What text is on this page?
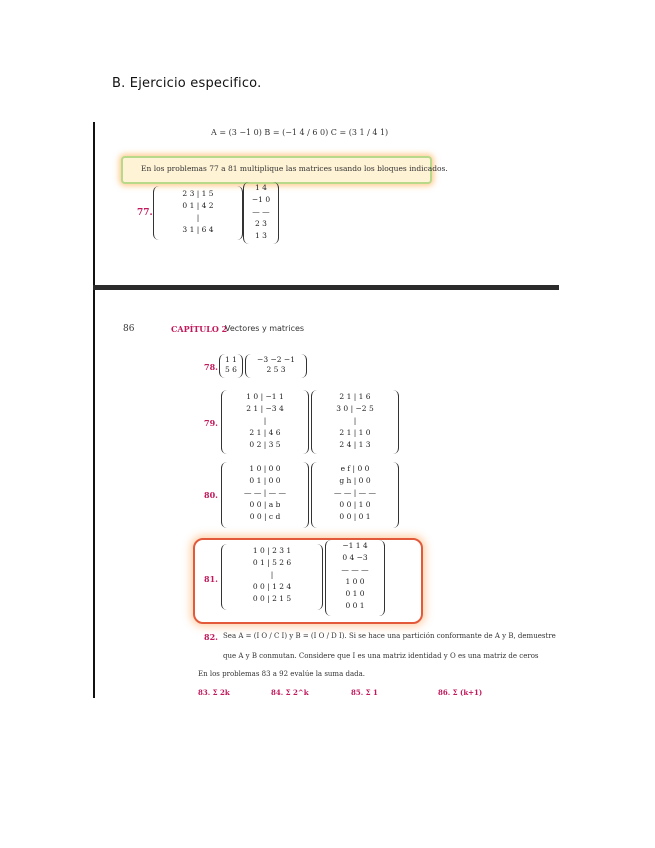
B. Ejercicio especifico.
A = (3 −1 0) B = (−1 4 / 6 0) C = (3 1 / 4 1)
En los problemas 77 a 81 multiplique las matrices usando los bloques indicados.
77.
2 3 | 1 5
0 1 | 4 2
|
3 1 | 6 4
1 4
−1 0
— —
2 3
1 3
86	CAPÍTULO 2
Vectores y matrices
78.
1 1
5 6
−3 −2 −1
2 5 3
79.
1 0 | −1 1
2 1 | −3 4
|
2 1 | 4 6
0 2 | 3 5
2 1 | 1 6
3 0 | −2 5
|
2 1 | 1 0
2 4 | 1 3
80.
1 0 | 0 0
0 1 | 0 0
— — | — —
0 0 | a b
0 0 | c d
e f | 0 0
g h | 0 0
— — | — —
0 0 | 1 0
0 0 | 0 1
81.
1 0 | 2 3 1
0 1 | 5 2 6
|
0 0 | 1 2 4
0 0 | 2 1 5
−1 1 4
0 4 −3
— — —
1 0 0
0 1 0
0 0 1
82. Sea A = (I O / C I) y B = (I O / D I). Si se hace una partición conformante de A y B, demuestre
que A y B conmutan. Considere que I es una matriz identidad y O es una matriz de ceros
En los problemas 83 a 92 evalúe la suma dada.
83. Σ 2k	84. Σ 2^k	85. Σ 1	86. Σ (k+1)
